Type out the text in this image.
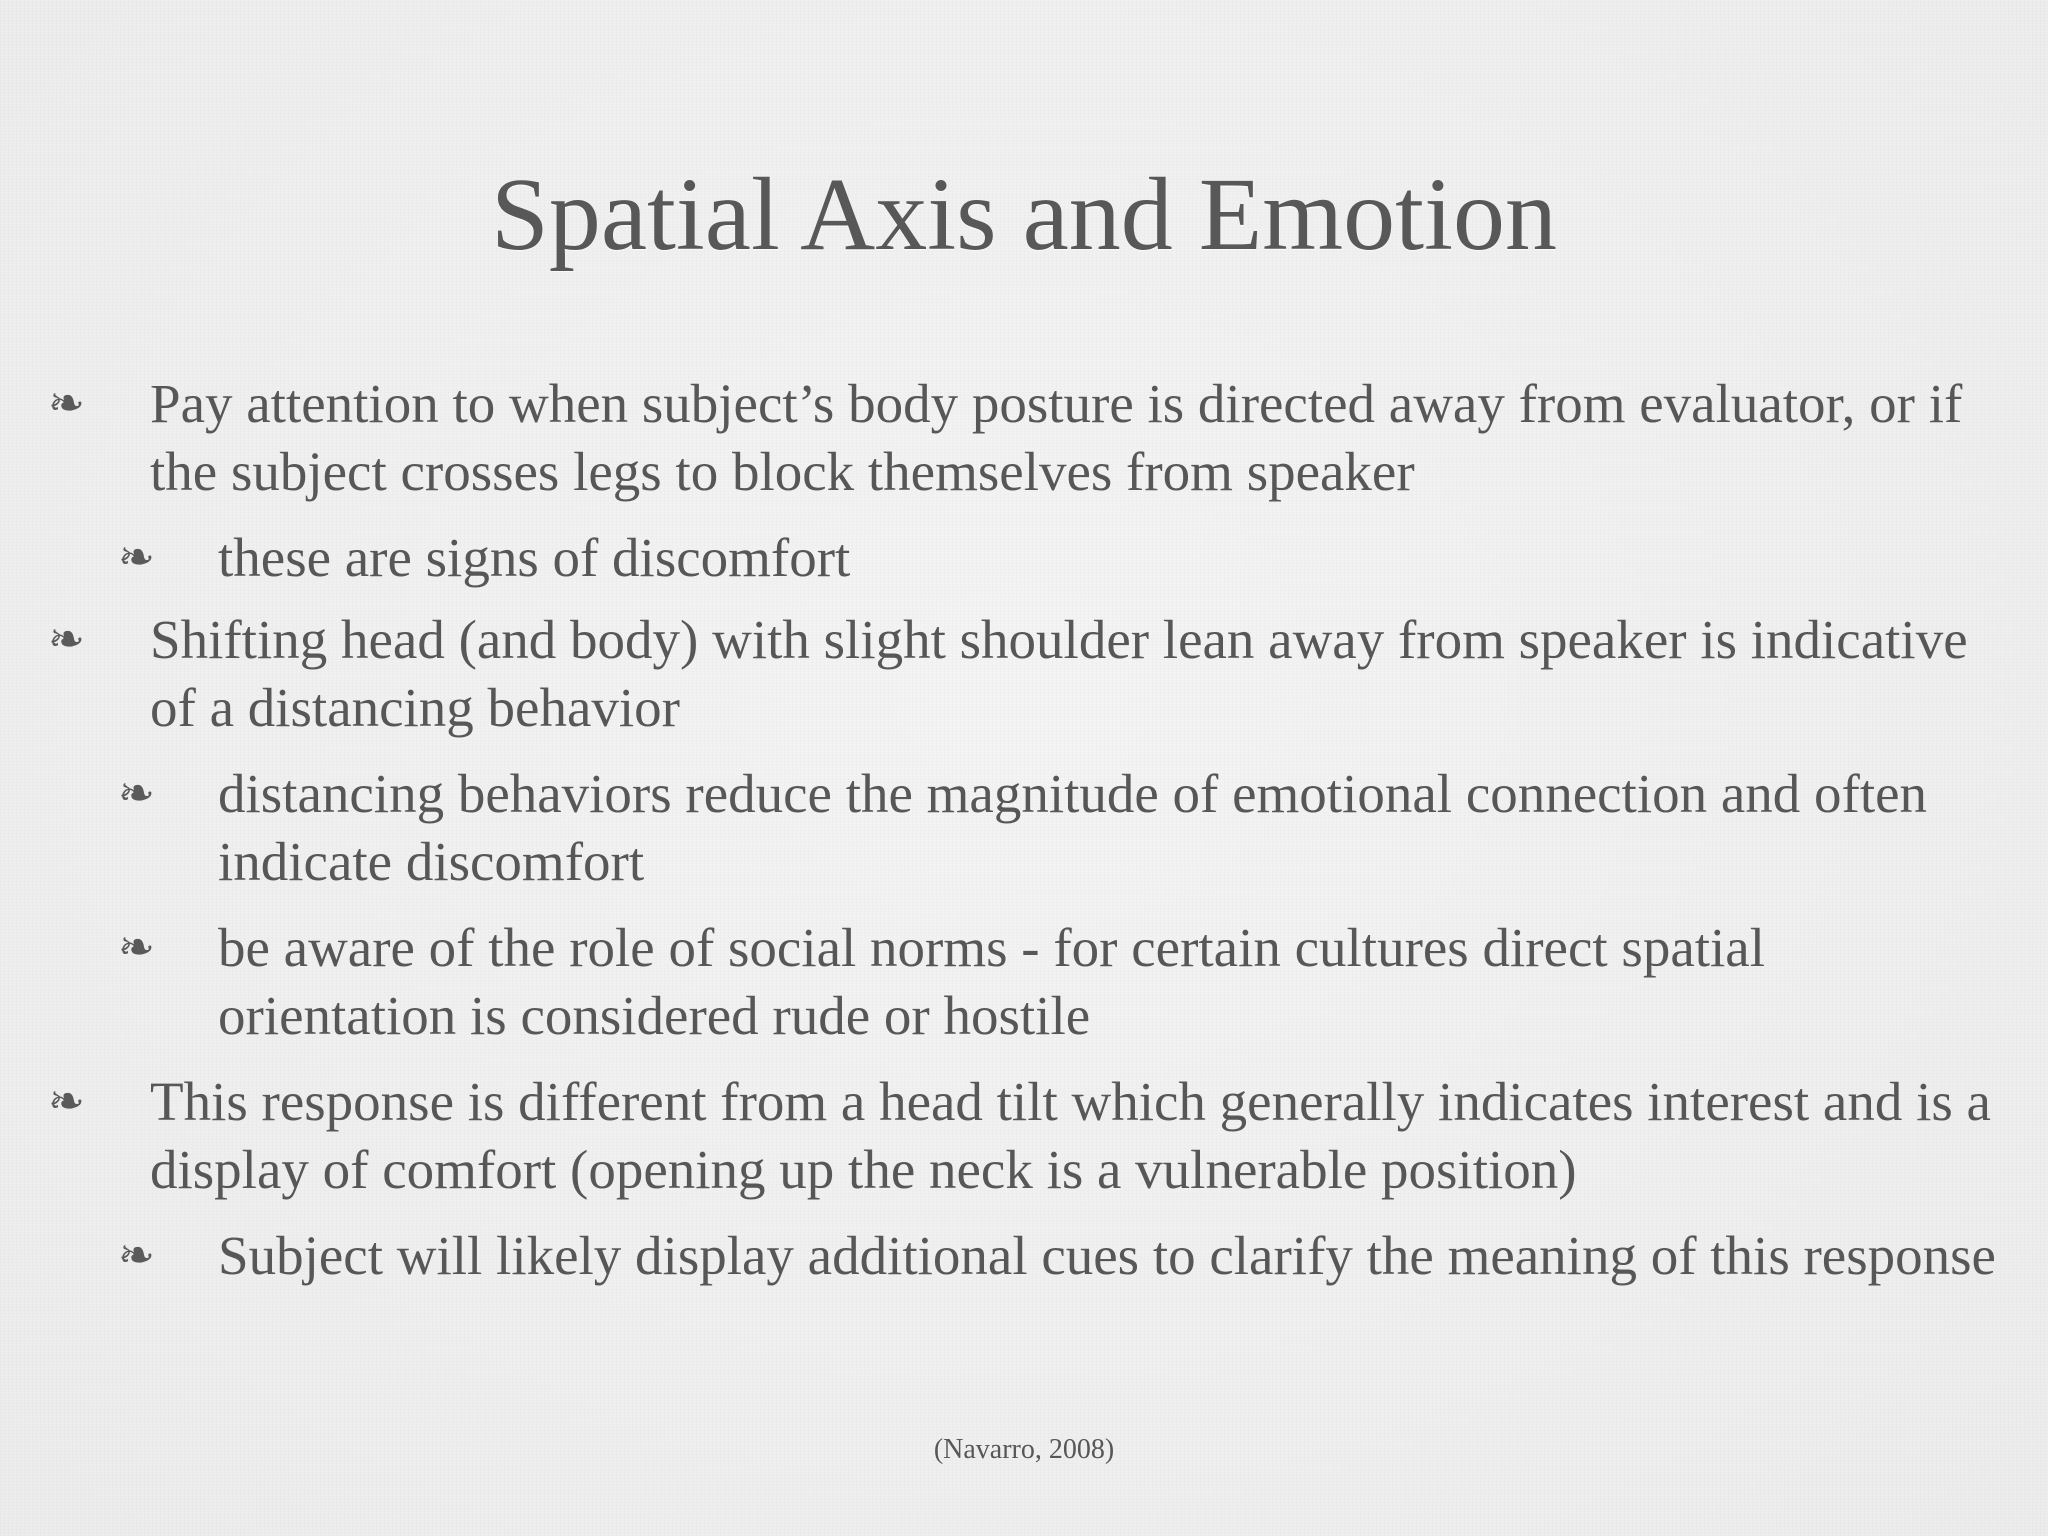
Spatial Axis and Emotion
❧ Pay attention to when subject’s body posture is directed away from evaluator, or if the subject crosses legs to block themselves from speaker
❧ these are signs of discomfort
❧ Shifting head (and body) with slight shoulder lean away from speaker is indicative of a distancing behavior
❧ distancing behaviors reduce the magnitude of emotional connection and often indicate discomfort
❧ be aware of the role of social norms - for certain cultures direct spatial orientation is considered rude or hostile
❧ This response is different from a head tilt which generally indicates interest and is a display of comfort (opening up the neck is a vulnerable position)
❧ Subject will likely display additional cues to clarify the meaning of this response
(Navarro, 2008)
